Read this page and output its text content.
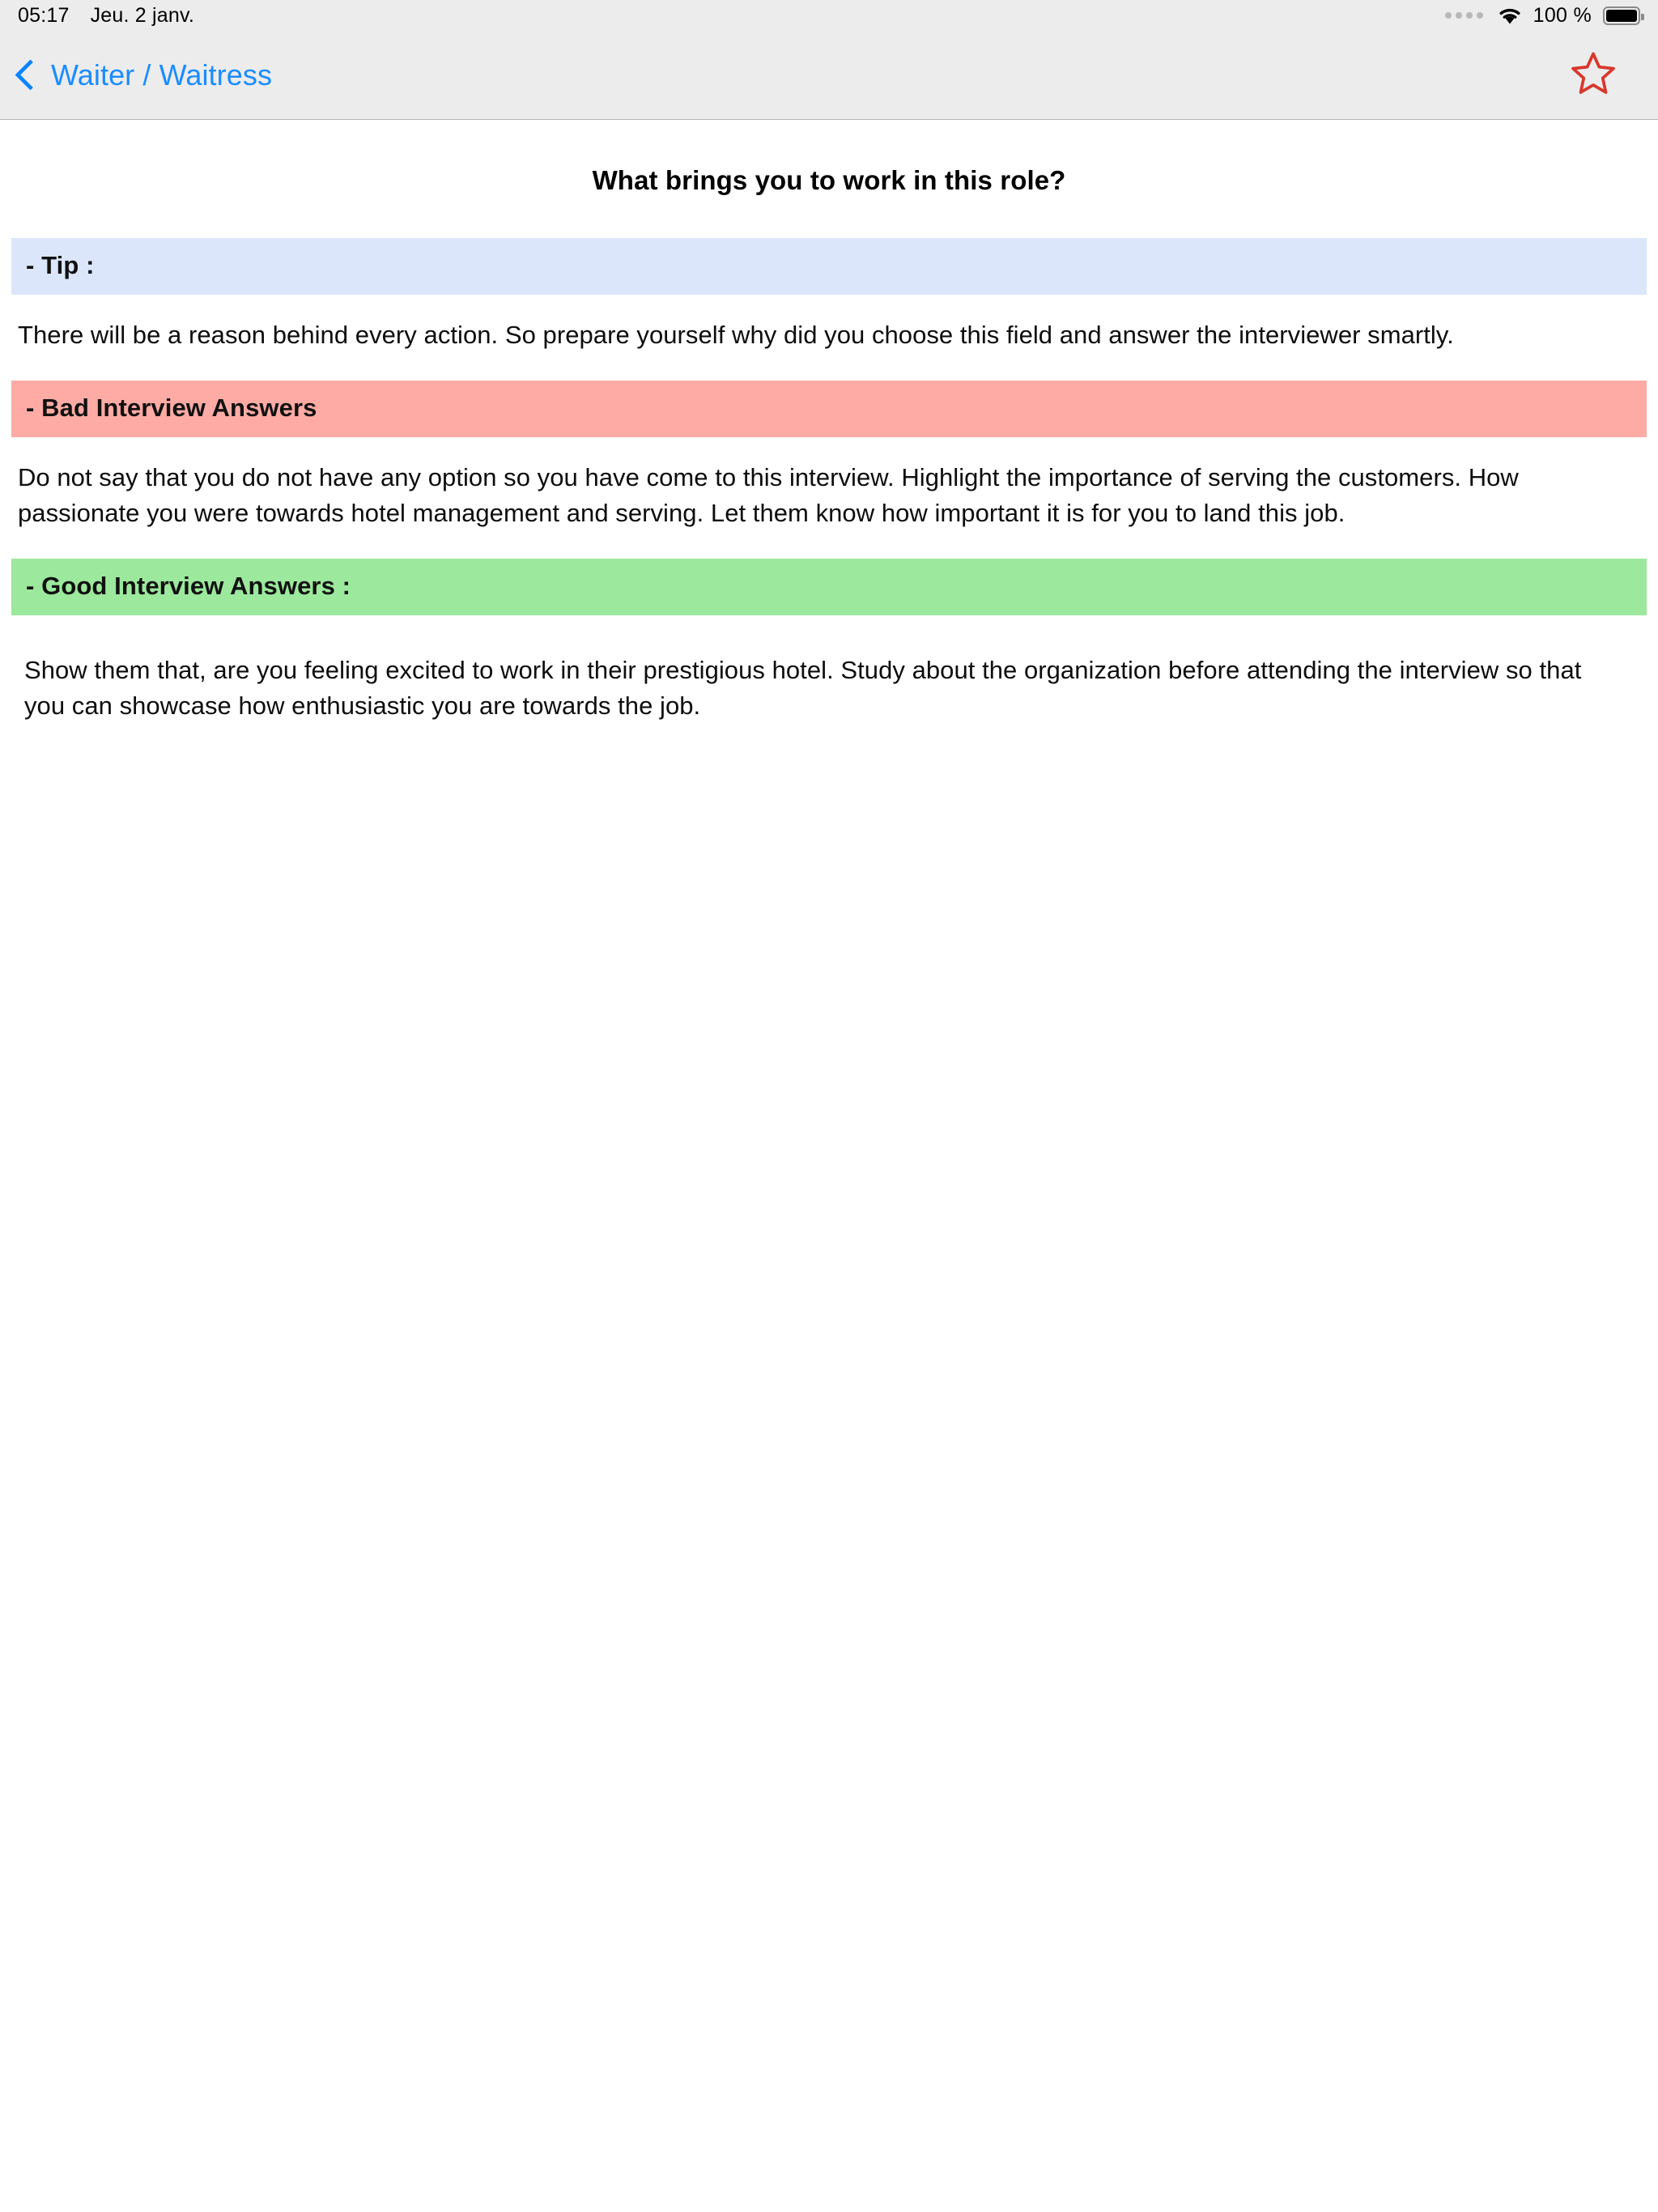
05:17 Jeu. 2 janv.	100 %
Waiter / Waitress
What brings you to work in this role?
- Tip :
There will be a reason behind every action. So prepare yourself why did you choose this field and answer the interviewer smartly.
- Bad Interview Answers
Do not say that you do not have any option so you have come to this interview. Highlight the importance of serving the customers. How passionate you were towards hotel management and serving. Let them know how important it is for you to land this job.
- Good Interview Answers :
Show them that, are you feeling excited to work in their prestigious hotel. Study about the organization before attending the interview so that you can showcase how enthusiastic you are towards the job.
